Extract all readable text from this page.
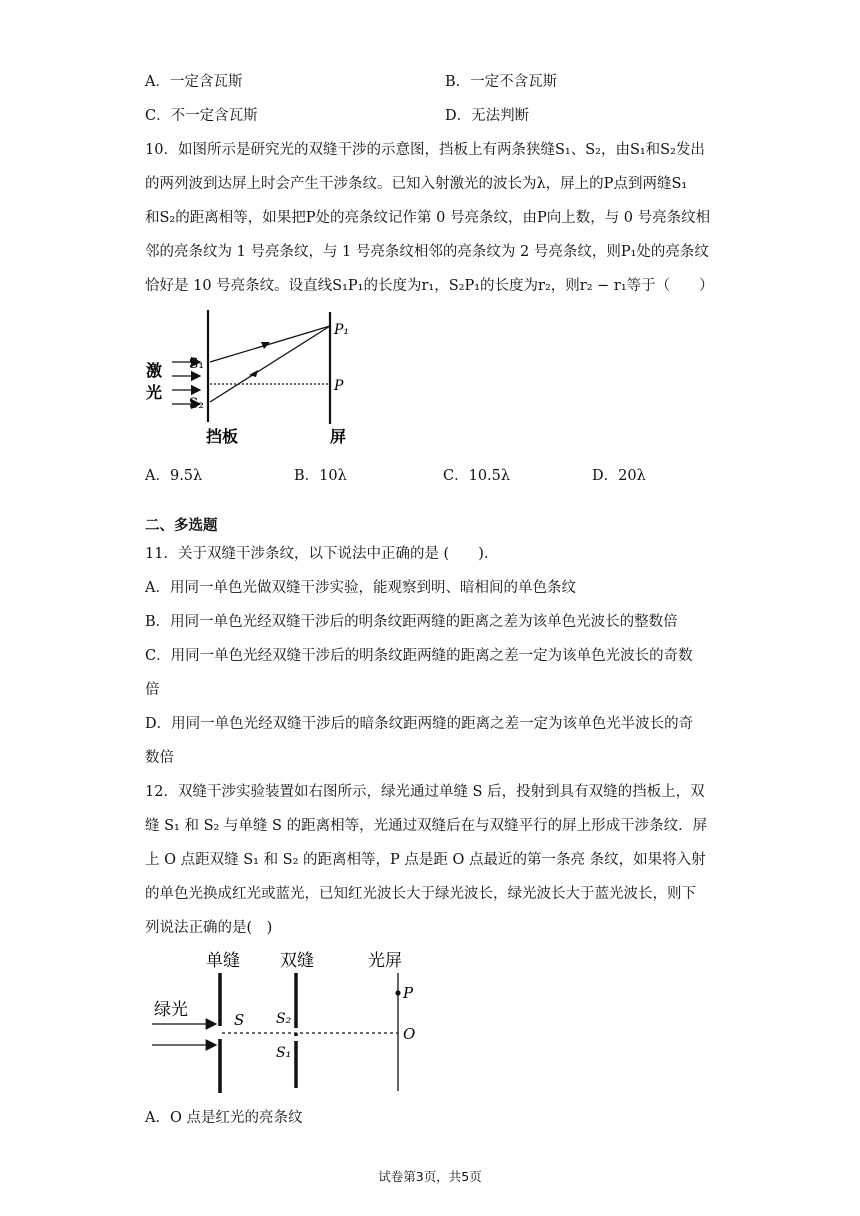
A．一定含瓦斯	B．一定不含瓦斯
C．不一定含瓦斯	D．无法判断
10．如图所示是研究光的双缝干涉的示意图，挡板上有两条狭缝S₁、S₂，由S₁和S₂发出
的两列波到达屏上时会产生干涉条纹。已知入射激光的波长为λ，屏上的P点到两缝S₁
和S₂的距离相等，如果把P处的亮条纹记作第 0 号亮条纹，由P向上数，与 0 号亮条纹相
邻的亮条纹为 1 号亮条纹，与 1 号亮条纹相邻的亮条纹为 2 号亮条纹，则P₁处的亮条纹
恰好是 10 号亮条纹。设直线S₁P₁的长度为r₁，S₂P₁的长度为r₂，则r₂ − r₁等于（　　）
激
光
S₁
S₂
P₁
P
挡板	屏
A．9.5λ	B．10λ	C．10.5λ	D．20λ
二、多选题
11．关于双缝干涉条纹，以下说法中正确的是 (　　).
A．用同一单色光做双缝干涉实验，能观察到明、暗相间的单色条纹
B．用同一单色光经双缝干涉后的明条纹距两缝的距离之差为该单色光波长的整数倍
C．用同一单色光经双缝干涉后的明条纹距两缝的距离之差一定为该单色光波长的奇数
倍
D．用同一单色光经双缝干涉后的暗条纹距两缝的距离之差一定为该单色光半波长的奇
数倍
12．双缝干涉实验装置如右图所示，绿光通过单缝 S 后，投射到具有双缝的挡板上，双
缝 S₁ 和 S₂ 与单缝 S 的距离相等，光通过双缝后在与双缝平行的屏上形成干涉条纹．屏
上 O 点距双缝 S₁ 和 S₂ 的距离相等，P 点是距 O 点最近的第一条亮 条纹，如果将入射
的单色光换成红光或蓝光，已知红光波长大于绿光波长，绿光波长大于蓝光波长，则下
列说法正确的是(　)
单缝 双缝	光屏
绿光	S S₂
S₁
P
O
A．O 点是红光的亮条纹
试卷第3页，共5页
